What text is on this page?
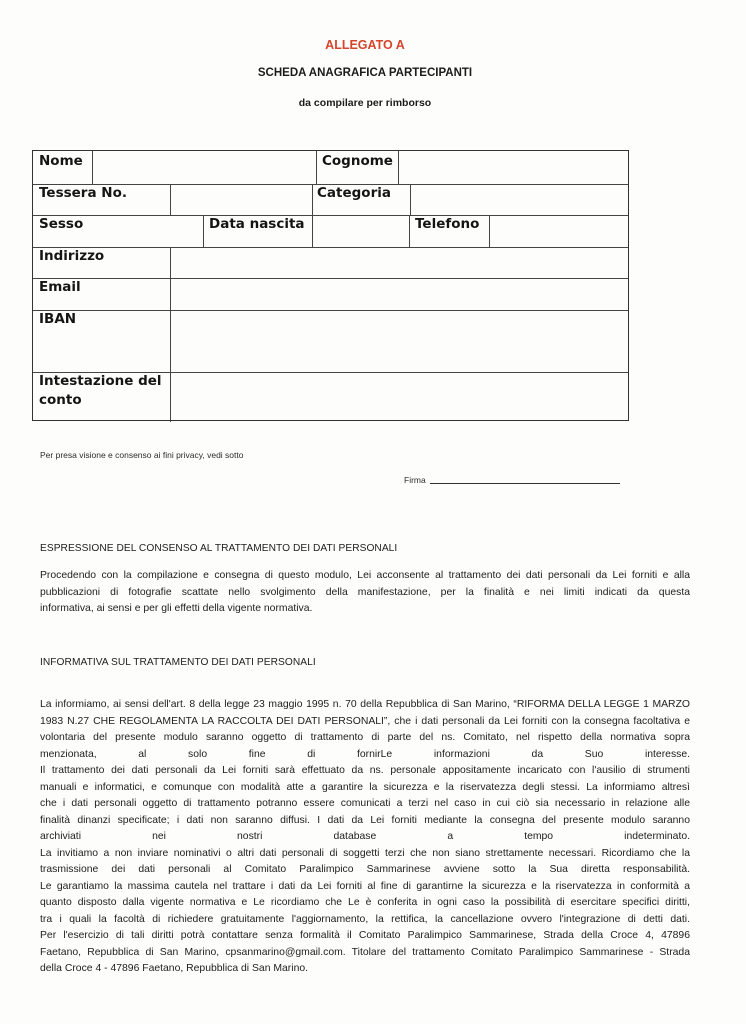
ALLEGATO A
SCHEDA ANAGRAFICA PARTECIPANTI
da compilare per rimborso
Nome	Cognome
Tessera No.	Categoria
Sesso	Data nascita	Telefono
Indirizzo
Email
IBAN
Intestazione del
conto
Per presa visione e consenso ai fini privacy, vedi sotto
Firma
ESPRESSIONE DEL CONSENSO AL TRATTAMENTO DEI DATI PERSONALI
Procedendo con la compilazione e consegna di questo modulo, Lei acconsente al trattamento dei dati personali da Lei forniti e alla
pubblicazioni di fotografie scattate nello svolgimento della manifestazione, per la finalità e nei limiti indicati da questa
informativa, ai sensi e per gli effetti della vigente normativa.
INFORMATIVA SUL TRATTAMENTO DEI DATI PERSONALI
La informiamo, ai sensi dell'art. 8 della legge 23 maggio 1995 n. 70 della Repubblica di San Marino, “RIFORMA DELLA LEGGE 1 MARZO
1983 N.27 CHE REGOLAMENTA LA RACCOLTA DEI DATI PERSONALI”, che i dati personali da Lei forniti con la consegna facoltativa e
volontaria del presente modulo saranno oggetto di trattamento di parte del ns. Comitato, nel rispetto della normativa sopra
menzionata, al solo fine di fornirLe informazioni da Suo interesse.
Il trattamento dei dati personali da Lei forniti sarà effettuato da ns. personale appositamente incaricato con l'ausilio di strumenti
manuali e informatici, e comunque con modalità atte a garantire la sicurezza e la riservatezza degli stessi. La informiamo altresì
che i dati personali oggetto di trattamento potranno essere comunicati a terzi nel caso in cui ciò sia necessario in relazione alle
finalità dinanzi specificate; i dati non saranno diffusi. I dati da Lei forniti mediante la consegna del presente modulo saranno
archiviati nei nostri database a tempo indeterminato.
La invitiamo a non inviare nominativi o altri dati personali di soggetti terzi che non siano strettamente necessari. Ricordiamo che la
trasmissione dei dati personali al Comitato Paralimpico Sammarinese avviene sotto la Sua diretta responsabilità.
Le garantiamo la massima cautela nel trattare i dati da Lei forniti al fine di garantirne la sicurezza e la riservatezza in conformità a
quanto disposto dalla vigente normativa e Le ricordiamo che Le è conferita in ogni caso la possibilità di esercitare specifici diritti,
tra i quali la facoltà di richiedere gratuitamente l'aggiornamento, la rettifica, la cancellazione ovvero l'integrazione di detti dati.
Per l'esercizio di tali diritti potrà contattare senza formalità il Comitato Paralimpico Sammarinese, Strada della Croce 4, 47896
Faetano, Repubblica di San Marino, cpsanmarino@gmail.com. Titolare del trattamento Comitato Paralimpico Sammarinese - Strada
della Croce 4 - 47896 Faetano, Repubblica di San Marino.
